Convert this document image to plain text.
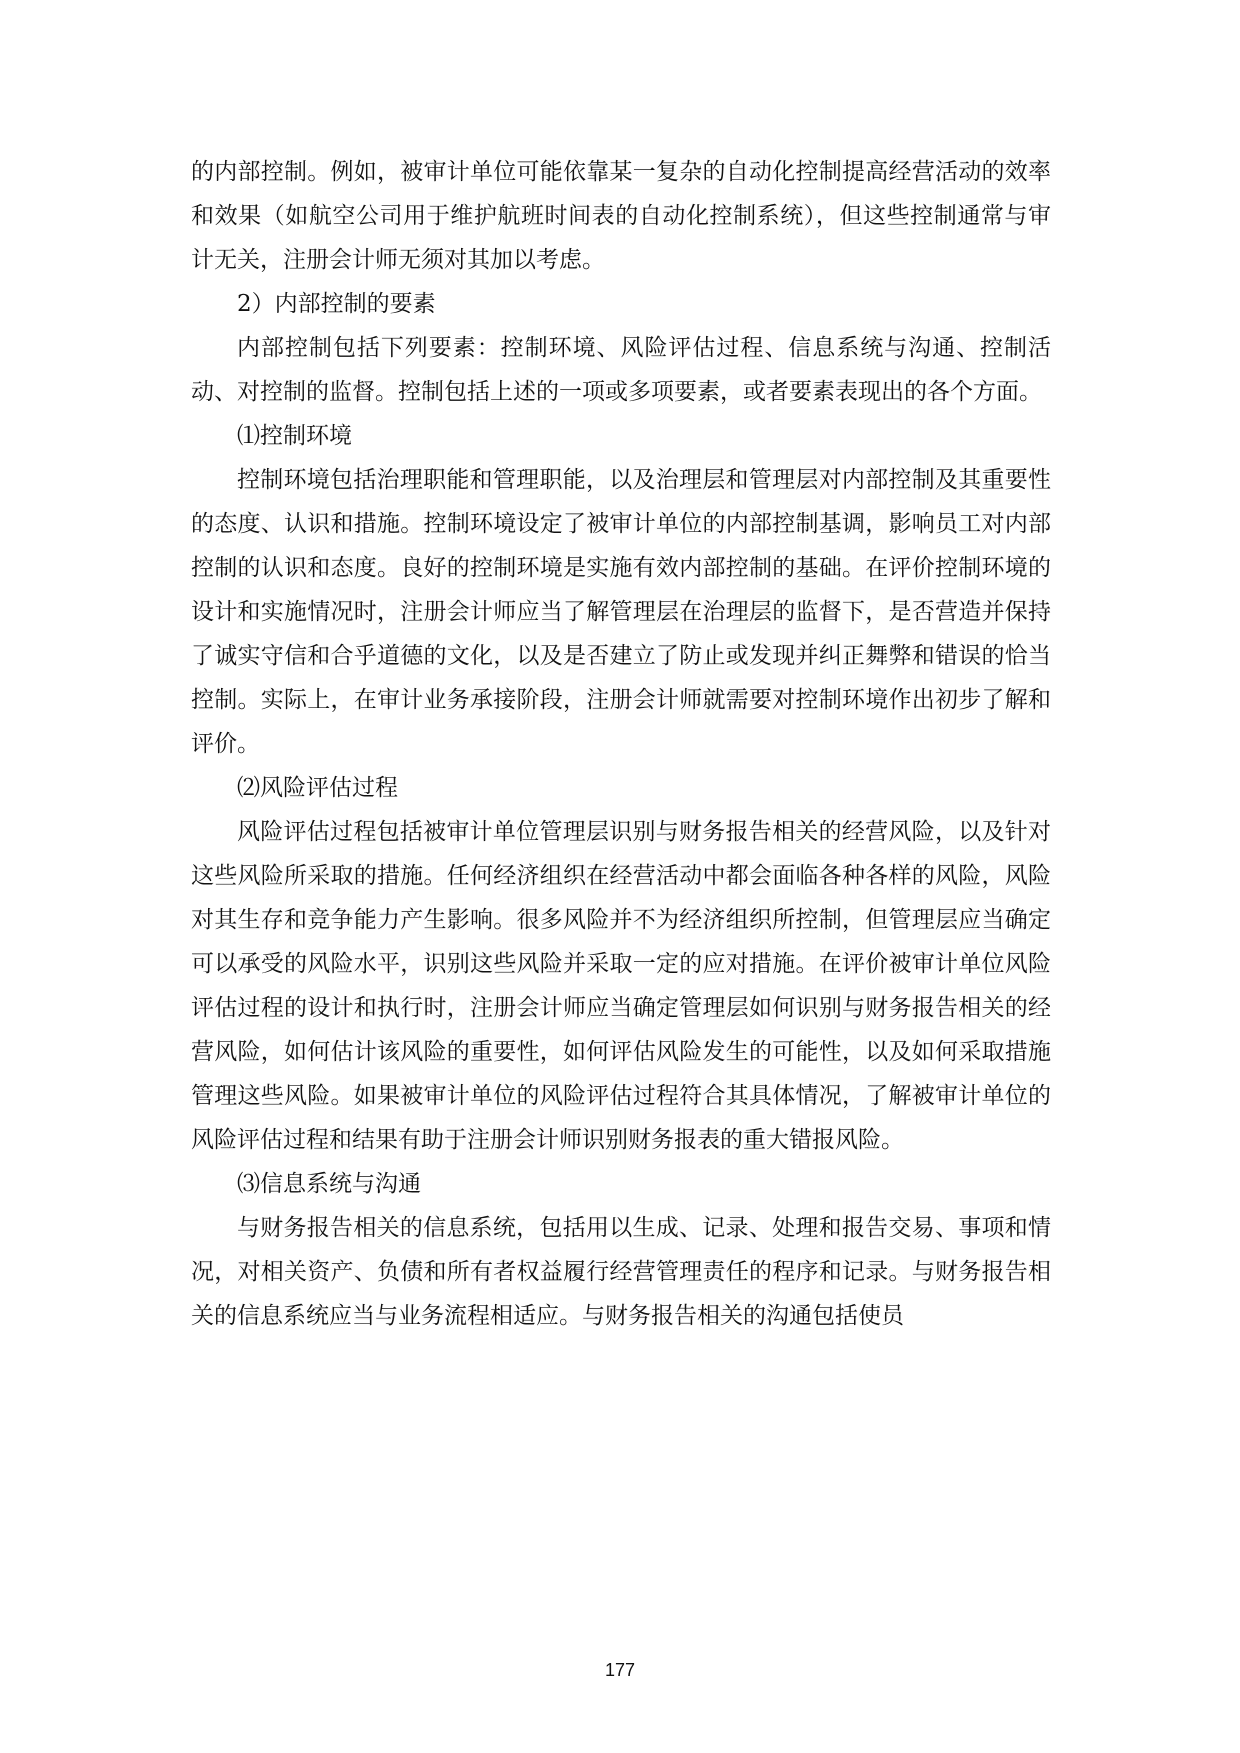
的内部控制。例如，被审计单位可能依靠某一复杂的自动化控制提高经营活动的效率和效果（如航空公司用于维护航班时间表的自动化控制系统），但这些控制通常与审计无关，注册会计师无须对其加以考虑。

2）内部控制的要素

内部控制包括下列要素：控制环境、风险评估过程、信息系统与沟通、控制活动、对控制的监督。控制包括上述的一项或多项要素，或者要素表现出的各个方面。

⑴控制环境

控制环境包括治理职能和管理职能，以及治理层和管理层对内部控制及其重要性的态度、认识和措施。控制环境设定了被审计单位的内部控制基调，影响员工对内部控制的认识和态度。良好的控制环境是实施有效内部控制的基础。在评价控制环境的设计和实施情况时，注册会计师应当了解管理层在治理层的监督下，是否营造并保持了诚实守信和合乎道德的文化，以及是否建立了防止或发现并纠正舞弊和错误的恰当控制。实际上，在审计业务承接阶段，注册会计师就需要对控制环境作出初步了解和评价。

⑵风险评估过程

风险评估过程包括被审计单位管理层识别与财务报告相关的经营风险，以及针对这些风险所采取的措施。任何经济组织在经营活动中都会面临各种各样的风险，风险对其生存和竞争能力产生影响。很多风险并不为经济组织所控制，但管理层应当确定可以承受的风险水平，识别这些风险并采取一定的应对措施。在评价被审计单位风险评估过程的设计和执行时，注册会计师应当确定管理层如何识别与财务报告相关的经营风险，如何估计该风险的重要性，如何评估风险发生的可能性，以及如何采取措施管理这些风险。如果被审计单位的风险评估过程符合其具体情况，了解被审计单位的风险评估过程和结果有助于注册会计师识别财务报表的重大错报风险。

⑶信息系统与沟通

与财务报告相关的信息系统，包括用以生成、记录、处理和报告交易、事项和情况，对相关资产、负债和所有者权益履行经营管理责任的程序和记录。与财务报告相关的信息系统应当与业务流程相适应。与财务报告相关的沟通包括使员

177
